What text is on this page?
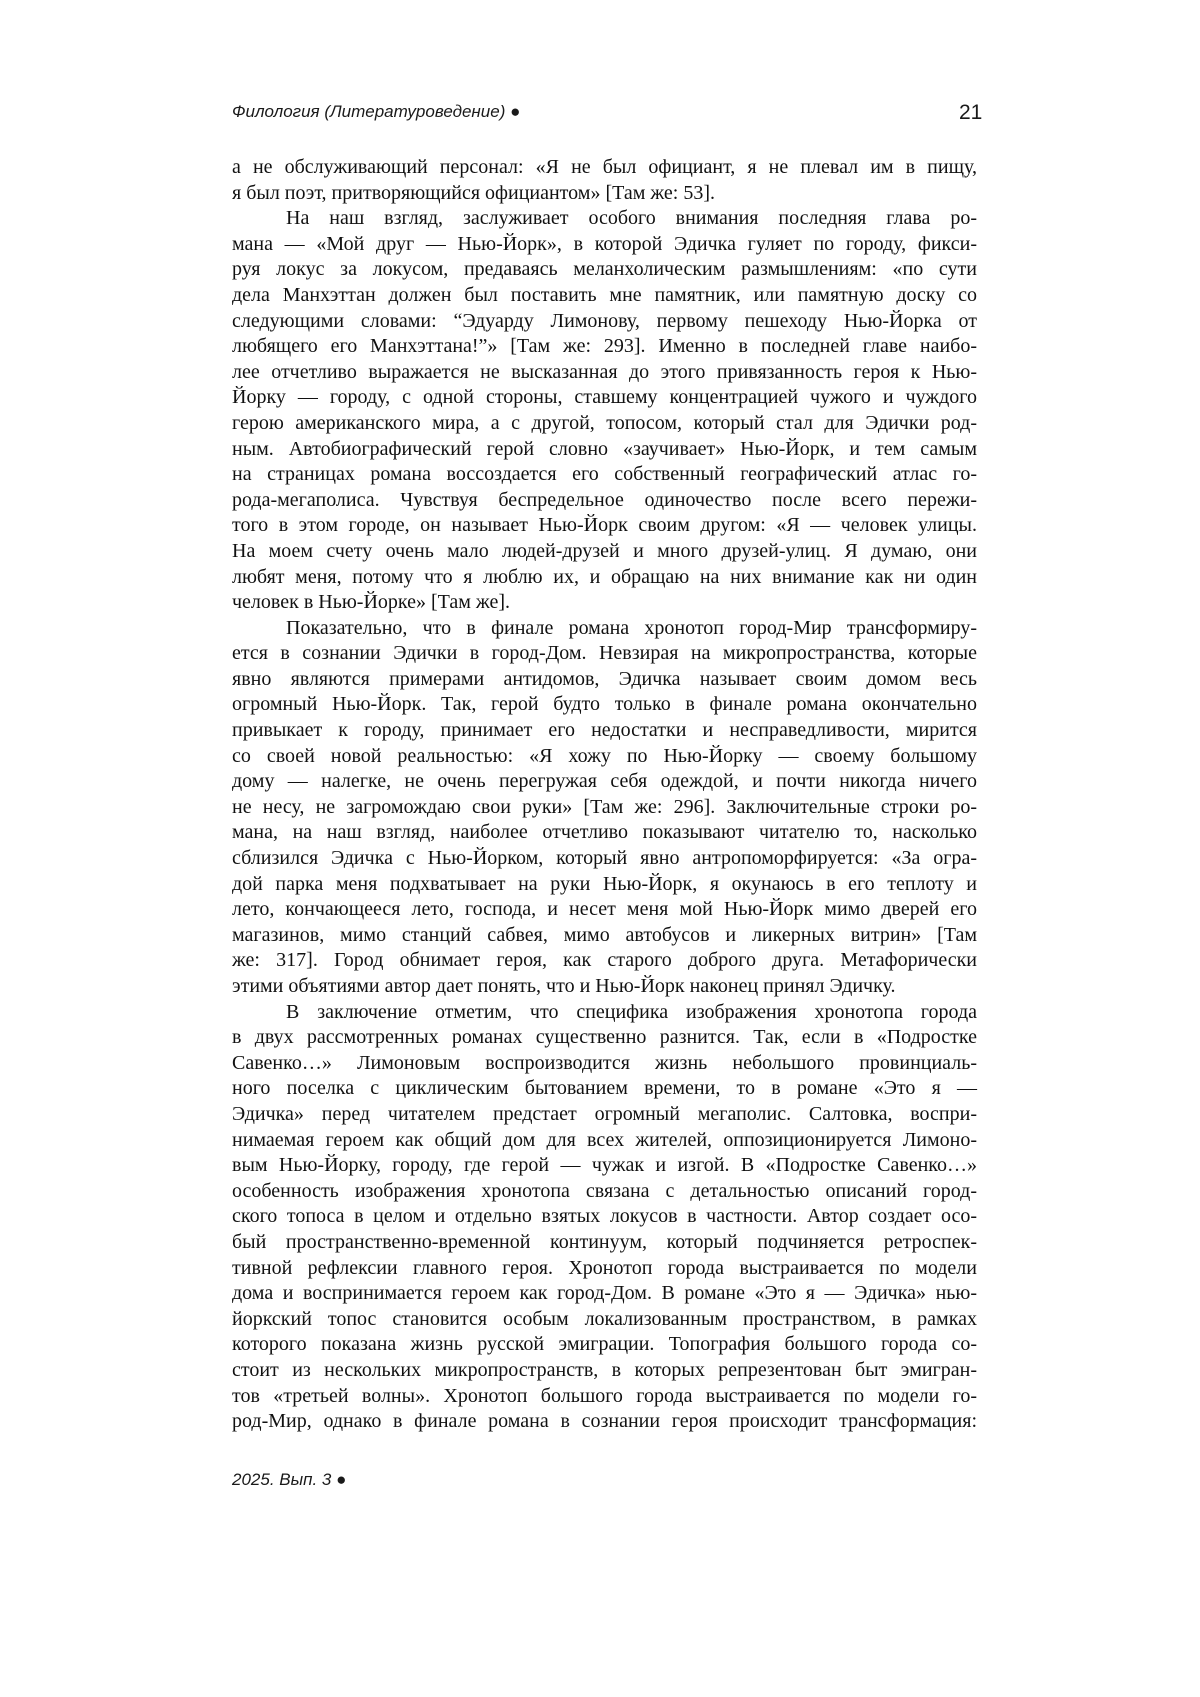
Филология (Литературоведение) ●	21
а не обслуживающий персонал: «Я не был официант, я не плевал им в пищу,
я был поэт, притворяющийся официантом» [Там же: 53].
На наш взгляд, заслуживает особого внимания последняя глава ро-
мана — «Мой друг — Нью-Йорк», в которой Эдичка гуляет по городу, фикси-
руя локус за локусом, предаваясь меланхолическим размышлениям: «по сути
дела Манхэттан должен был поставить мне памятник, или памятную доску со
следующими словами: “Эдуарду Лимонову, первому пешеходу Нью-Йорка от
любящего его Манхэттана!”» [Там же: 293]. Именно в последней главе наибо-
лее отчетливо выражается не высказанная до этого привязанность героя к Нью-
Йорку — городу, с одной стороны, ставшему концентрацией чужого и чуждого
герою американского мира, а с другой, топосом, который стал для Эдички род-
ным. Автобиографический герой словно «заучивает» Нью-Йорк, и тем самым
на страницах романа воссоздается его собственный географический атлас го-
рода-мегаполиса. Чувствуя беспредельное одиночество после всего пережи-
того в этом городе, он называет Нью-Йорк своим другом: «Я — человек улицы.
На моем счету очень мало людей-друзей и много друзей-улиц. Я думаю, они
любят меня, потому что я люблю их, и обращаю на них внимание как ни один
человек в Нью-Йорке» [Там же].
Показательно, что в финале романа хронотоп город-Мир трансформиру-
ется в сознании Эдички в город-Дом. Невзирая на микропространства, которые
явно являются примерами антидомов, Эдичка называет своим домом весь
огромный Нью-Йорк. Так, герой будто только в финале романа окончательно
привыкает к городу, принимает его недостатки и несправедливости, мирится
со своей новой реальностью: «Я хожу по Нью-Йорку — своему большому
дому — налегке, не очень перегружая себя одеждой, и почти никогда ничего
не несу, не загромождаю свои руки» [Там же: 296]. Заключительные строки ро-
мана, на наш взгляд, наиболее отчетливо показывают читателю то, насколько
сблизился Эдичка с Нью-Йорком, который явно антропоморфируется: «За огра-
дой парка меня подхватывает на руки Нью-Йорк, я окунаюсь в его теплоту и
лето, кончающееся лето, господа, и несет меня мой Нью-Йорк мимо дверей его
магазинов, мимо станций сабвея, мимо автобусов и ликерных витрин» [Там
же: 317]. Город обнимает героя, как старого доброго друга. Метафорически
этими объятиями автор дает понять, что и Нью-Йорк наконец принял Эдичку.
В заключение отметим, что специфика изображения хронотопа города
в двух рассмотренных романах существенно разнится. Так, если в «Подростке
Савенко…» Лимоновым воспроизводится жизнь небольшого провинциаль-
ного поселка с циклическим бытованием времени, то в романе «Это я —
Эдичка» перед читателем предстает огромный мегаполис. Салтовка, воспри-
нимаемая героем как общий дом для всех жителей, оппозиционируется Лимоно-
вым Нью-Йорку, городу, где герой — чужак и изгой. В «Подростке Савенко…»
особенность изображения хронотопа связана с детальностью описаний город-
ского топоса в целом и отдельно взятых локусов в частности. Автор создает осо-
бый пространственно-временной континуум, который подчиняется ретроспек-
тивной рефлексии главного героя. Хронотоп города выстраивается по модели
дома и воспринимается героем как город-Дом. В романе «Это я — Эдичка» нью-
йоркский топос становится особым локализованным пространством, в рамках
которого показана жизнь русской эмиграции. Топография большого города со-
стоит из нескольких микропространств, в которых репрезентован быт эмигран-
тов «третьей волны». Хронотоп большого города выстраивается по модели го-
род-Мир, однако в финале романа в сознании героя происходит трансформация:
2025. Вып. 3 ●
